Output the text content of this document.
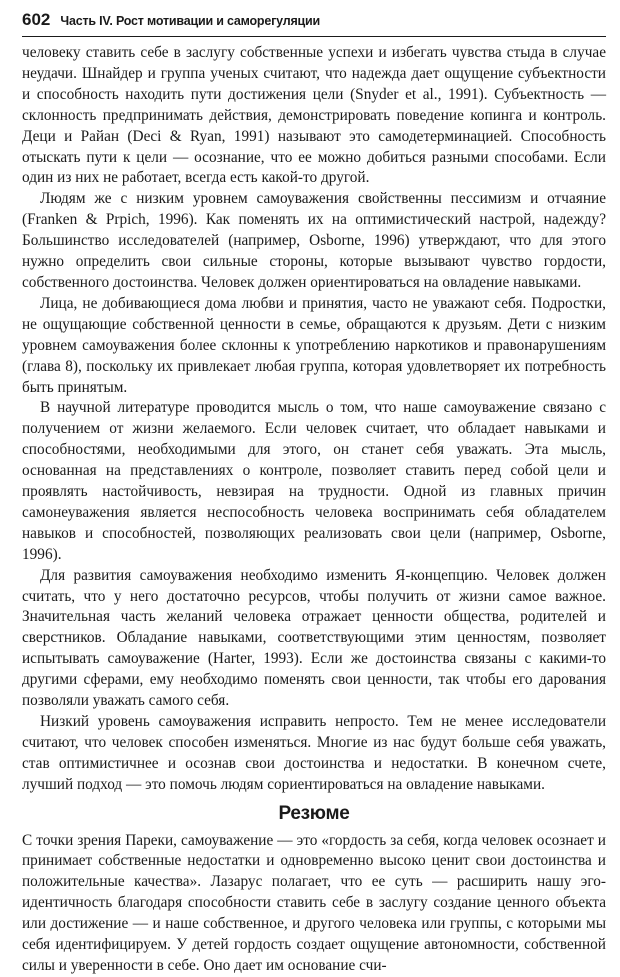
602 Часть IV. Рост мотивации и саморегуляции

человеку ставить себе в заслугу собственные успехи и избегать чувства стыда в случае неудачи. Шнайдер и группа ученых считают, что надежда дает ощущение субъектности и способность находить пути достижения цели (Snyder et al., 1991). Субъектность — склонность предпринимать действия, демонстрировать поведение копинга и контроль. Деци и Райан (Deci & Ryan, 1991) называют это самодетерминацией. Способность отыскать пути к цели — осознание, что ее можно добиться разными способами. Если один из них не работает, всегда есть какой-то другой.

Людям же с низким уровнем самоуважения свойственны пессимизм и отчаяние (Franken & Prpich, 1996). Как поменять их на оптимистический настрой, надежду? Большинство исследователей (например, Osborne, 1996) утверждают, что для этого нужно определить свои сильные стороны, которые вызывают чувство гордости, собственного достоинства. Человек должен ориентироваться на овладение навыками.

Лица, не добивающиеся дома любви и принятия, часто не уважают себя. Подростки, не ощущающие собственной ценности в семье, обращаются к друзьям. Дети с низким уровнем самоуважения более склонны к употреблению наркотиков и правонарушениям (глава 8), поскольку их привлекает любая группа, которая удовлетворяет их потребность быть принятым.

В научной литературе проводится мысль о том, что наше самоуважение связано с получением от жизни желаемого. Если человек считает, что обладает навыками и способностями, необходимыми для этого, он станет себя уважать. Эта мысль, основанная на представлениях о контроле, позволяет ставить перед собой цели и проявлять настойчивость, невзирая на трудности. Одной из главных причин самонеуважения является неспособность человека воспринимать себя обладателем навыков и способностей, позволяющих реализовать свои цели (например, Osborne, 1996).

Для развития самоуважения необходимо изменить Я-концепцию. Человек должен считать, что у него достаточно ресурсов, чтобы получить от жизни самое важное. Значительная часть желаний человека отражает ценности общества, родителей и сверстников. Обладание навыками, соответствующими этим ценностям, позволяет испытывать самоуважение (Harter, 1993). Если же достоинства связаны с какими-то другими сферами, ему необходимо поменять свои ценности, так чтобы его дарования позволяли уважать самого себя.

Низкий уровень самоуважения исправить непросто. Тем не менее исследователи считают, что человек способен изменяться. Многие из нас будут больше себя уважать, став оптимистичнее и осознав свои достоинства и недостатки. В конечном счете, лучший подход — это помочь людям сориентироваться на овладение навыками.

Резюме

С точки зрения Пареки, самоуважение — это «гордость за себя, когда человек осознает и принимает собственные недостатки и одновременно высоко ценит свои достоинства и положительные качества». Лазарус полагает, что ее суть — расширить нашу эго-идентичность благодаря способности ставить себе в заслугу создание ценного объекта или достижение — и наше собственное, и другого человека или группы, с которыми мы себя идентифицируем. У детей гордость создает ощущение автономности, собственной силы и уверенности в себе. Оно дает им основание счи-
